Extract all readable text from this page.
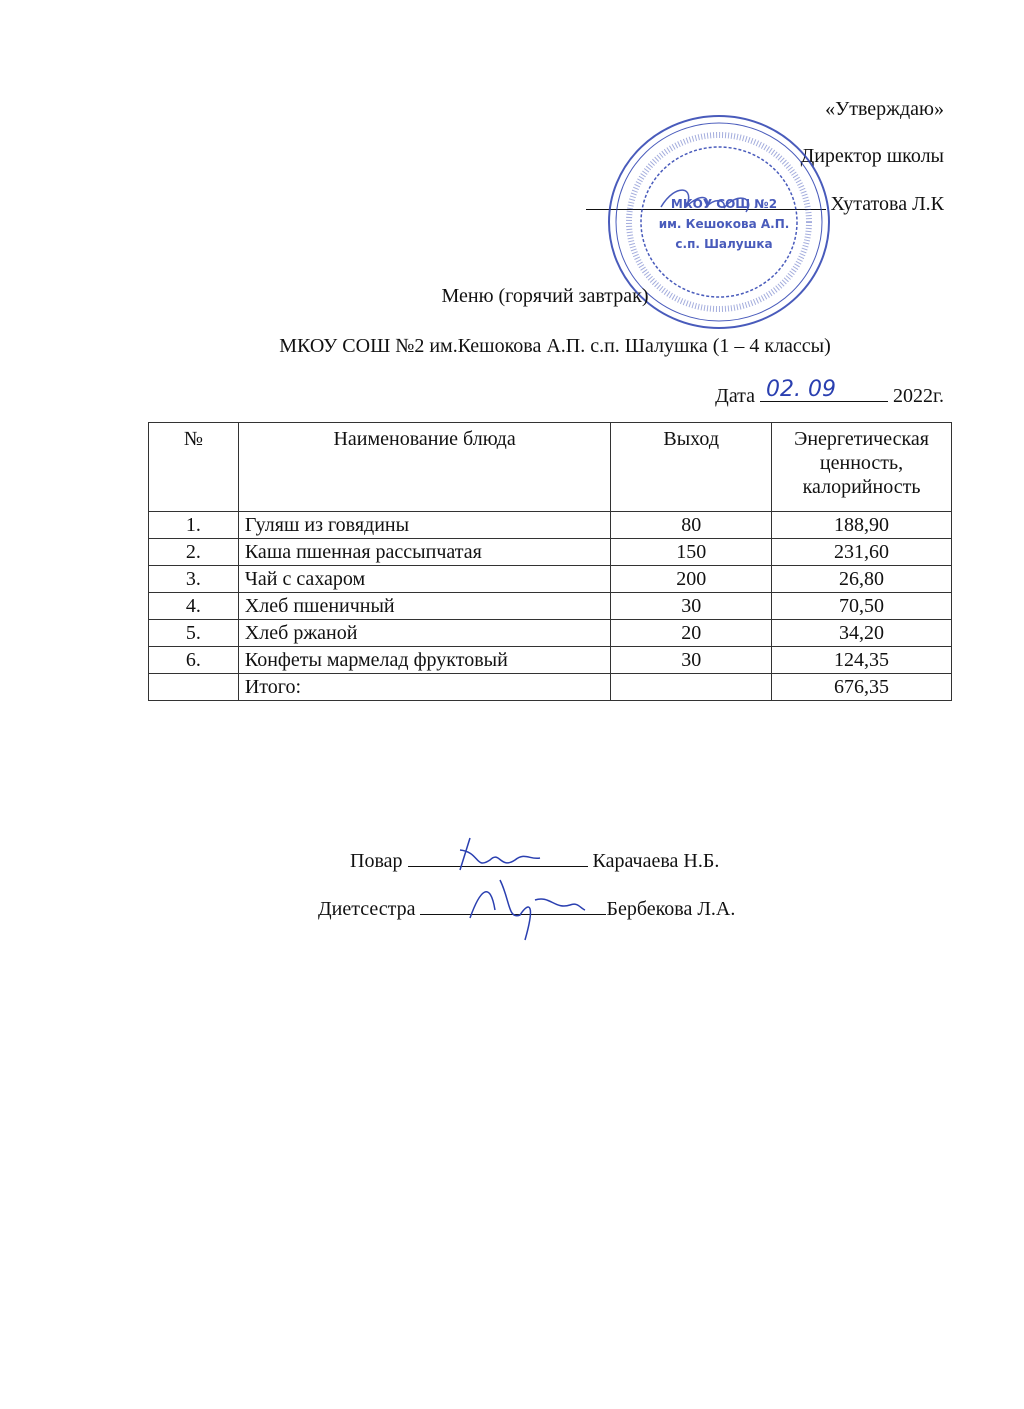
«Утверждаю»
Директор школы
Хутатова Л.К
МКОУ СОШ №2
им. Кешокова А.П.
с.п. Шалушка
Меню (горячий завтрак)
МКОУ СОШ №2 им.Кешокова А.П. с.п. Шалушка (1 – 4 классы)
Дата 02. 09	2022г.
№	Наименование блюда	Выход	Энергетическая ценность, калорийность
1.	Гуляш из говядины	80	188,90
2.	Каша пшенная рассыпчатая	150	231,60
3.	Чай с сахаром	200	26,80
4.	Хлеб пшеничный	30	70,50
5.	Хлеб ржаной	20	34,20
6.	Конфеты мармелад фруктовый	30	124,35
	Итого:		676,35
Повар	Карачаева Н.Б.
Диетсестра	Бербекова Л.А.
